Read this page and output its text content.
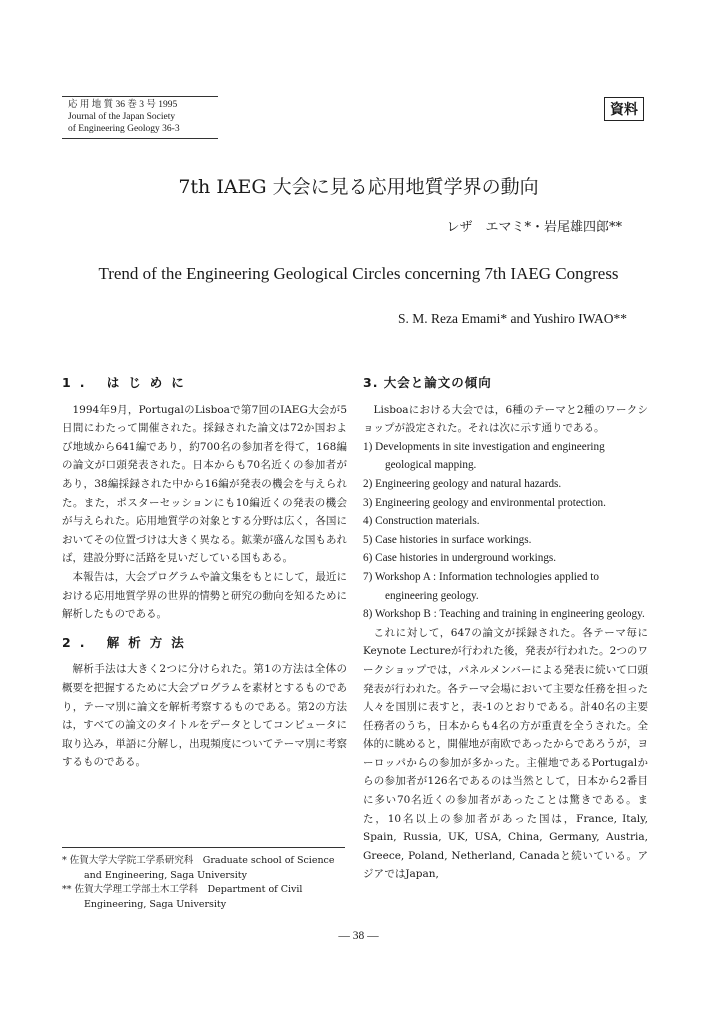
応 用 地 質 36 巻 3 号 1995
Journal of the Japan Society
of Engineering Geology 36-3
資料
7th IAEG 大会に見る応用地質学界の動向
レザ　エマミ*・岩尾雄四郎**
Trend of the Engineering Geological Circles concerning 7th IAEG Congress
S. M. Reza Emami* and Yushiro IWAO**
1. はじめに

1994年9月，PortugalのLisboaで第7回のIAEG大会が5日間にわたって開催された。採録された論文は72か国および地域から641編であり，約700名の参加者を得て，168編の論文が口頭発表された。日本からも70名近くの参加者があり，38編採録された中から16編が発表の機会を与えられた。また，ポスターセッションにも10編近くの発表の機会が与えられた。応用地質学の対象とする分野は広く，各国においてその位置づけは大きく異なる。鉱業が盛んな国もあれば，建設分野に活路を見いだしている国もある。

本報告は，大会プログラムや論文集をもとにして，最近における応用地質学界の世界的情勢と研究の動向を知るために解析したものである。

2. 解析方法

解析手法は大きく2つに分けられた。第1の方法は全体の概要を把握するために大会プログラムを素材とするものであり，テーマ別に論文を解析考察するものである。第2の方法は，すべての論文のタイトルをデータとしてコンピュータに取り込み，単語に分解し，出現頻度についてテーマ別に考察するものである。

* 佐賀大学大学院工学系研究科　Graduate school of Science and Engineering, Saga University
** 佐賀大学理工学部土木工学科　Department of Civil Engineering, Saga University
3. 大会と論文の傾向

Lisboaにおける大会では，6種のテーマと2種のワークショップが設定された。それは次に示す通りである。

1) Developments in site investigation and engineering geological mapping.
2) Engineering geology and natural hazards.
3) Engineering geology and environmental protection.
4) Construction materials.
5) Case histories in surface workings.
6) Case histories in underground workings.
7) Workshop A : Information technologies applied to engineering geology.
8) Workshop B : Teaching and training in engineering geology.

これに対して，647の論文が採録された。各テーマ毎にKeynote Lectureが行われた後，発表が行われた。2つのワークショップでは，パネルメンバーによる発表に続いて口頭発表が行われた。各テーマ会場において主要な任務を担った人々を国別に表すと，表-1のとおりである。計40名の主要任務者のうち，日本からも4名の方が重責を全うされた。全体的に眺めると，開催地が南欧であったからであろうが，ヨーロッパからの参加が多かった。主催地であるPortugalからの参加者が126名であるのは当然として，日本から2番目に多い70名近くの参加者があったことは驚きである。また，10名以上の参加者があった国は，France, Italy, Spain, Russia, UK, USA, China, Germany, Austria, Greece, Poland, Netherland, Canadaと続いている。アジアではJapan,

— 38 —
